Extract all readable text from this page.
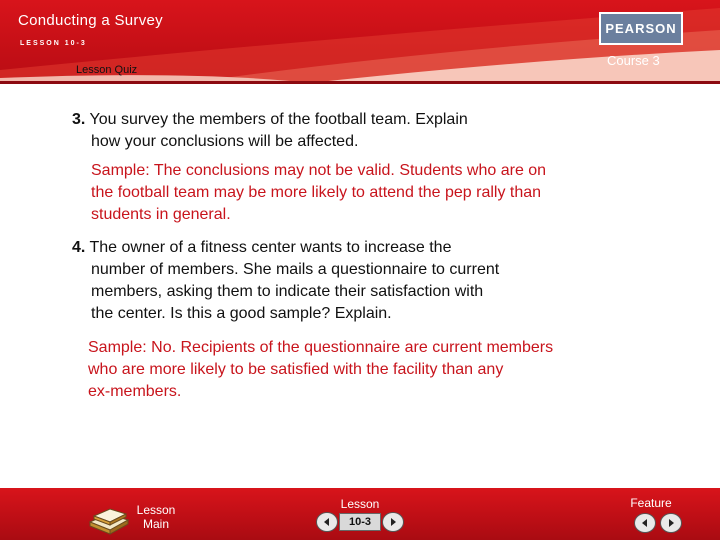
Conducting a Survey
LESSON 10-3
Lesson Quiz
PEARSON
Course 3
3. You survey the members of the football team. Explain
how your conclusions will be affected.
Sample: The conclusions may not be valid. Students who are on
the football team may be more likely to attend the pep rally than
students in general.
4. The owner of a fitness center wants to increase the
number of members. She mails a questionnaire to current
members, asking them to indicate their satisfaction with
the center. Is this a good sample? Explain.
Sample: No. Recipients of the questionnaire are current members
who are more likely to be satisfied with the facility than any
ex-members.
Lesson
Main
Lesson
10-3
Feature
